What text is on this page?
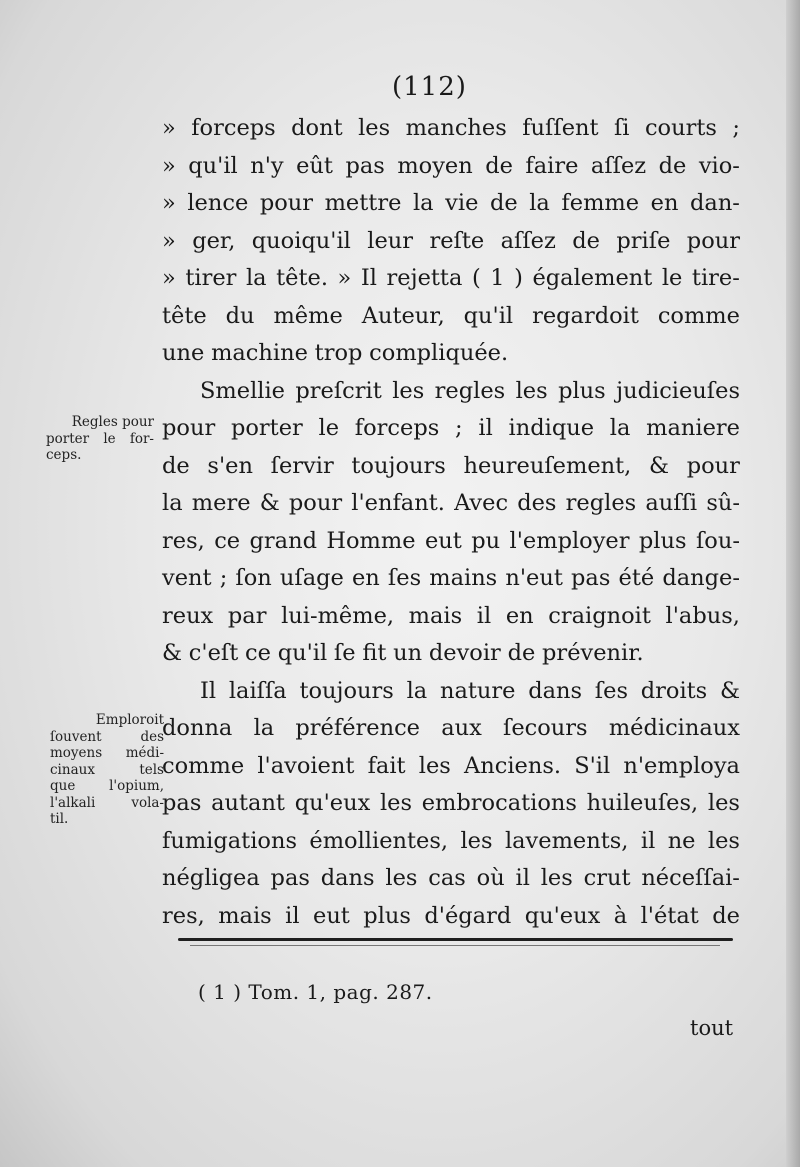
(112)
» forceps dont les manches fuſſent ſi courts ;
» qu'il n'y eût pas moyen de faire aſſez de vio-
» lence pour mettre la vie de la femme en dan-
» ger, quoiqu'il leur reſte aſſez de priſe pour
» tirer la tête. » Il rejetta ( 1 ) également le tire-
tête du même Auteur, qu'il regardoit comme
une machine trop compliquée.
Smellie preſcrit les regles les plus judicieuſes
pour porter le forceps ; il indique la maniere
de s'en ſervir toujours heureuſement, & pour
la mere & pour l'enfant. Avec des regles auſſi sû-
res, ce grand Homme eut pu l'employer plus ſou-
vent ; ſon uſage en ſes mains n'eut pas été dange-
reux par lui-même, mais il en craignoit l'abus,
& c'eſt ce qu'il ſe fit un devoir de prévenir.
Il laiſſa toujours la nature dans ſes droits &
donna la préférence aux ſecours médicinaux
comme l'avoient fait les Anciens. S'il n'employa
pas autant qu'eux les embrocations huileuſes, les
fumigations émollientes, les lavements, il ne les
négligea pas dans les cas où il les crut néceſſai-
res, mais il eut plus d'égard qu'eux à l'état de
Regles pour
porter le for-
ceps.
Emploroit
ſouvent	des
moyens médi-
cinaux	tels
que	l'opium,
l'alkali	vola-
til.
( 1 ) Tom. 1, pag. 287.
tout
